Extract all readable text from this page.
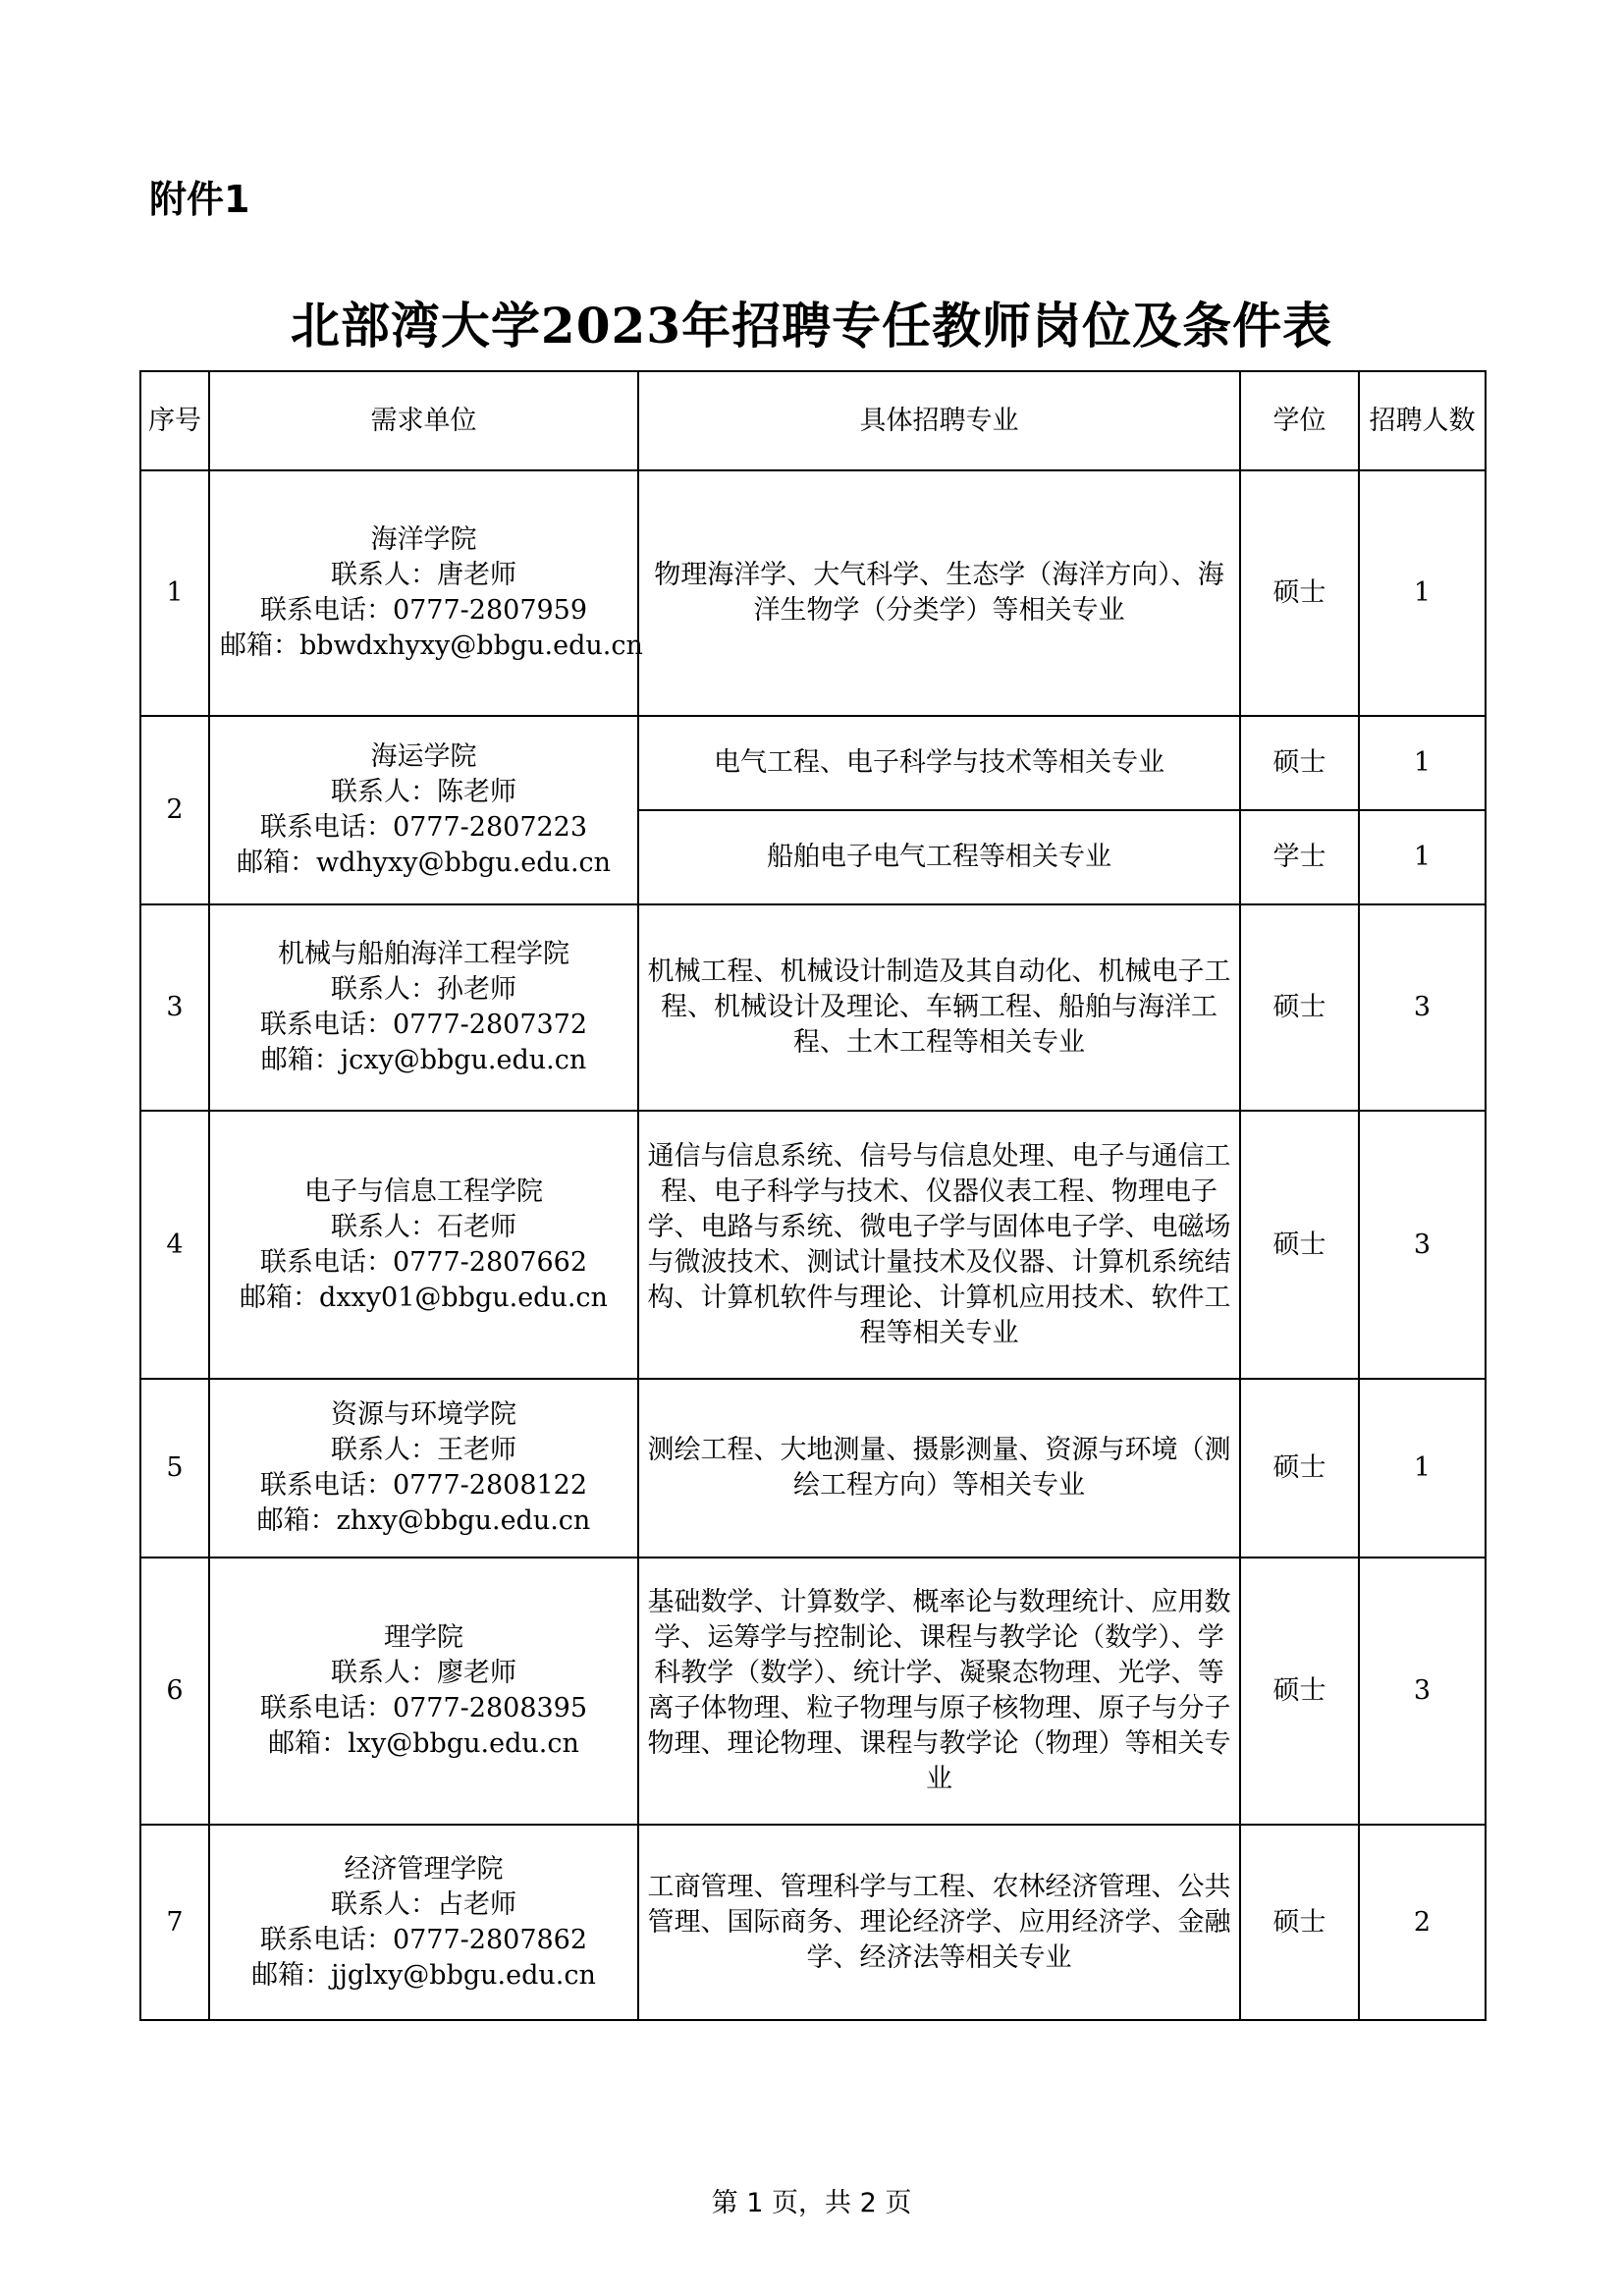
附件1
北部湾大学2023年招聘专任教师岗位及条件表
序号	需求单位	具体招聘专业	学位	招聘人数
1	海洋学院
联系人：唐老师
联系电话：0777-2807959
邮箱：bbwdxhyxy@bbgu.edu.cn	物理海洋学、大气科学、生态学（海洋方向）、海洋生物学（分类学）等相关专业	硕士	1
2	海运学院
联系人：陈老师
联系电话：0777-2807223
邮箱：wdhyxy@bbgu.edu.cn	电气工程、电子科学与技术等相关专业	硕士	1
		船舶电子电气工程等相关专业	学士	1
3	机械与船舶海洋工程学院
联系人：孙老师
联系电话：0777-2807372
邮箱：jcxy@bbgu.edu.cn	机械工程、机械设计制造及其自动化、机械电子工程、机械设计及理论、车辆工程、船舶与海洋工程、土木工程等相关专业	硕士	3
4	电子与信息工程学院
联系人：石老师
联系电话：0777-2807662
邮箱：dxxy01@bbgu.edu.cn	通信与信息系统、信号与信息处理、电子与通信工程、电子科学与技术、仪器仪表工程、物理电子学、电路与系统、微电子学与固体电子学、电磁场与微波技术、测试计量技术及仪器、计算机系统结构、计算机软件与理论、计算机应用技术、软件工程等相关专业	硕士	3
5	资源与环境学院
联系人：王老师
联系电话：0777-2808122
邮箱：zhxy@bbgu.edu.cn	测绘工程、大地测量、摄影测量、资源与环境（测绘工程方向）等相关专业	硕士	1
6	理学院
联系人：廖老师
联系电话：0777-2808395
邮箱：lxy@bbgu.edu.cn	基础数学、计算数学、概率论与数理统计、应用数学、运筹学与控制论、课程与教学论（数学）、学科教学（数学）、统计学、凝聚态物理、光学、等离子体物理、粒子物理与原子核物理、原子与分子物理、理论物理、课程与教学论（物理）等相关专业	硕士	3
7	经济管理学院
联系人：占老师
联系电话：0777-2807862
邮箱：jjglxy@bbgu.edu.cn	工商管理、管理科学与工程、农林经济管理、公共管理、国际商务、理论经济学、应用经济学、金融学、经济法等相关专业	硕士	2
第 1 页，共 2 页
